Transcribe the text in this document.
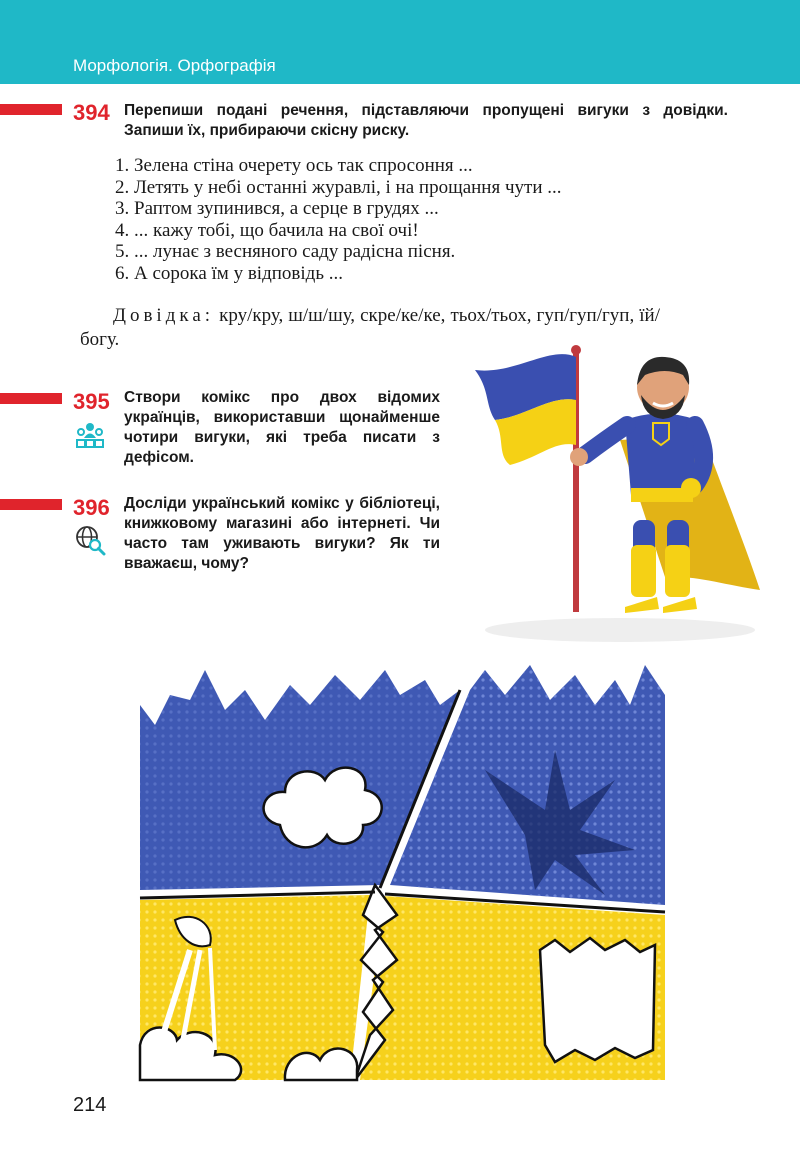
Морфологія. Орфографія
394 Перепиши подані речення, підставляючи пропущені вигуки з довідки.
Запиши їх, прибираючи скісну риску.
1. Зелена стіна очерету ось так спросоння ...
2. Летять у небі останні журавлі, і на прощання чути ...
3. Раптом зупинився, а серце в грудях ...
4. ... кажу тобі, що бачила на свої очі!
5. ... лунає з весняного саду радісна пісня.
6. А сорока їм у відповідь ...
Довідка: кру/кру, ш/ш/шу, скре/ке/ке, тьох/тьох, гуп/гуп/гуп, їй/богу.
395 Створи комікс про двох відомих українців, використавши щонайменше чотири вигуки, які треба писати з дефісом.
396 Досліди український комікс у бібліотеці, книжковому магазині або інтернеті. Чи часто там уживають вигуки? Як ти вважаєш, чому?
214
